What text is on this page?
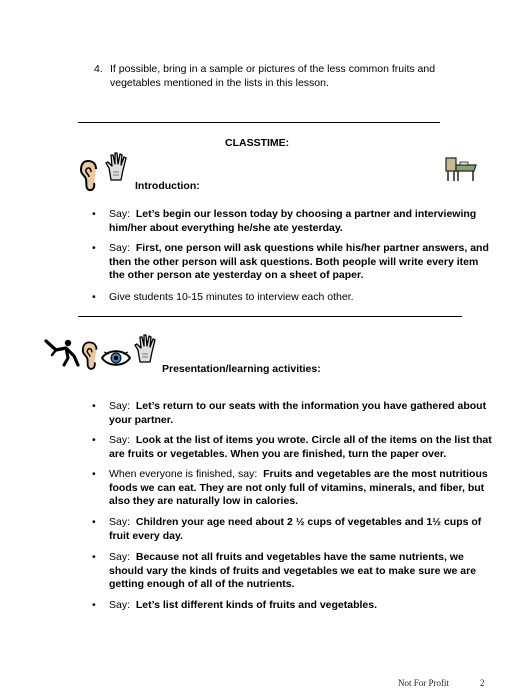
4. If possible, bring in a sample or pictures of the less common fruits and vegetables mentioned in the lists in this lesson.
CLASSTIME:
Introduction:
•	Say: Let’s begin our lesson today by choosing a partner and interviewing him/her about everything he/she ate yesterday.
•	Say: First, one person will ask questions while his/her partner answers, and then the other person will ask questions. Both people will write every item the other person ate yesterday on a sheet of paper.
•	Give students 10-15 minutes to interview each other.
Presentation/learning activities:
•	Say: Let’s return to our seats with the information you have gathered about your partner.
•	Say: Look at the list of items you wrote. Circle all of the items on the list that are fruits or vegetables. When you are finished, turn the paper over.
•	When everyone is finished, say: Fruits and vegetables are the most nutritious foods we can eat. They are not only full of vitamins, minerals, and fiber, but also they are naturally low in calories.
•	Say: Children your age need about 2 ½ cups of vegetables and 1½ cups of fruit every day.
•	Say: Because not all fruits and vegetables have the same nutrients, we should vary the kinds of fruits and vegetables we eat to make sure we are getting enough of all of the nutrients.
•	Say: Let’s list different kinds of fruits and vegetables.
Not For Profit	2
